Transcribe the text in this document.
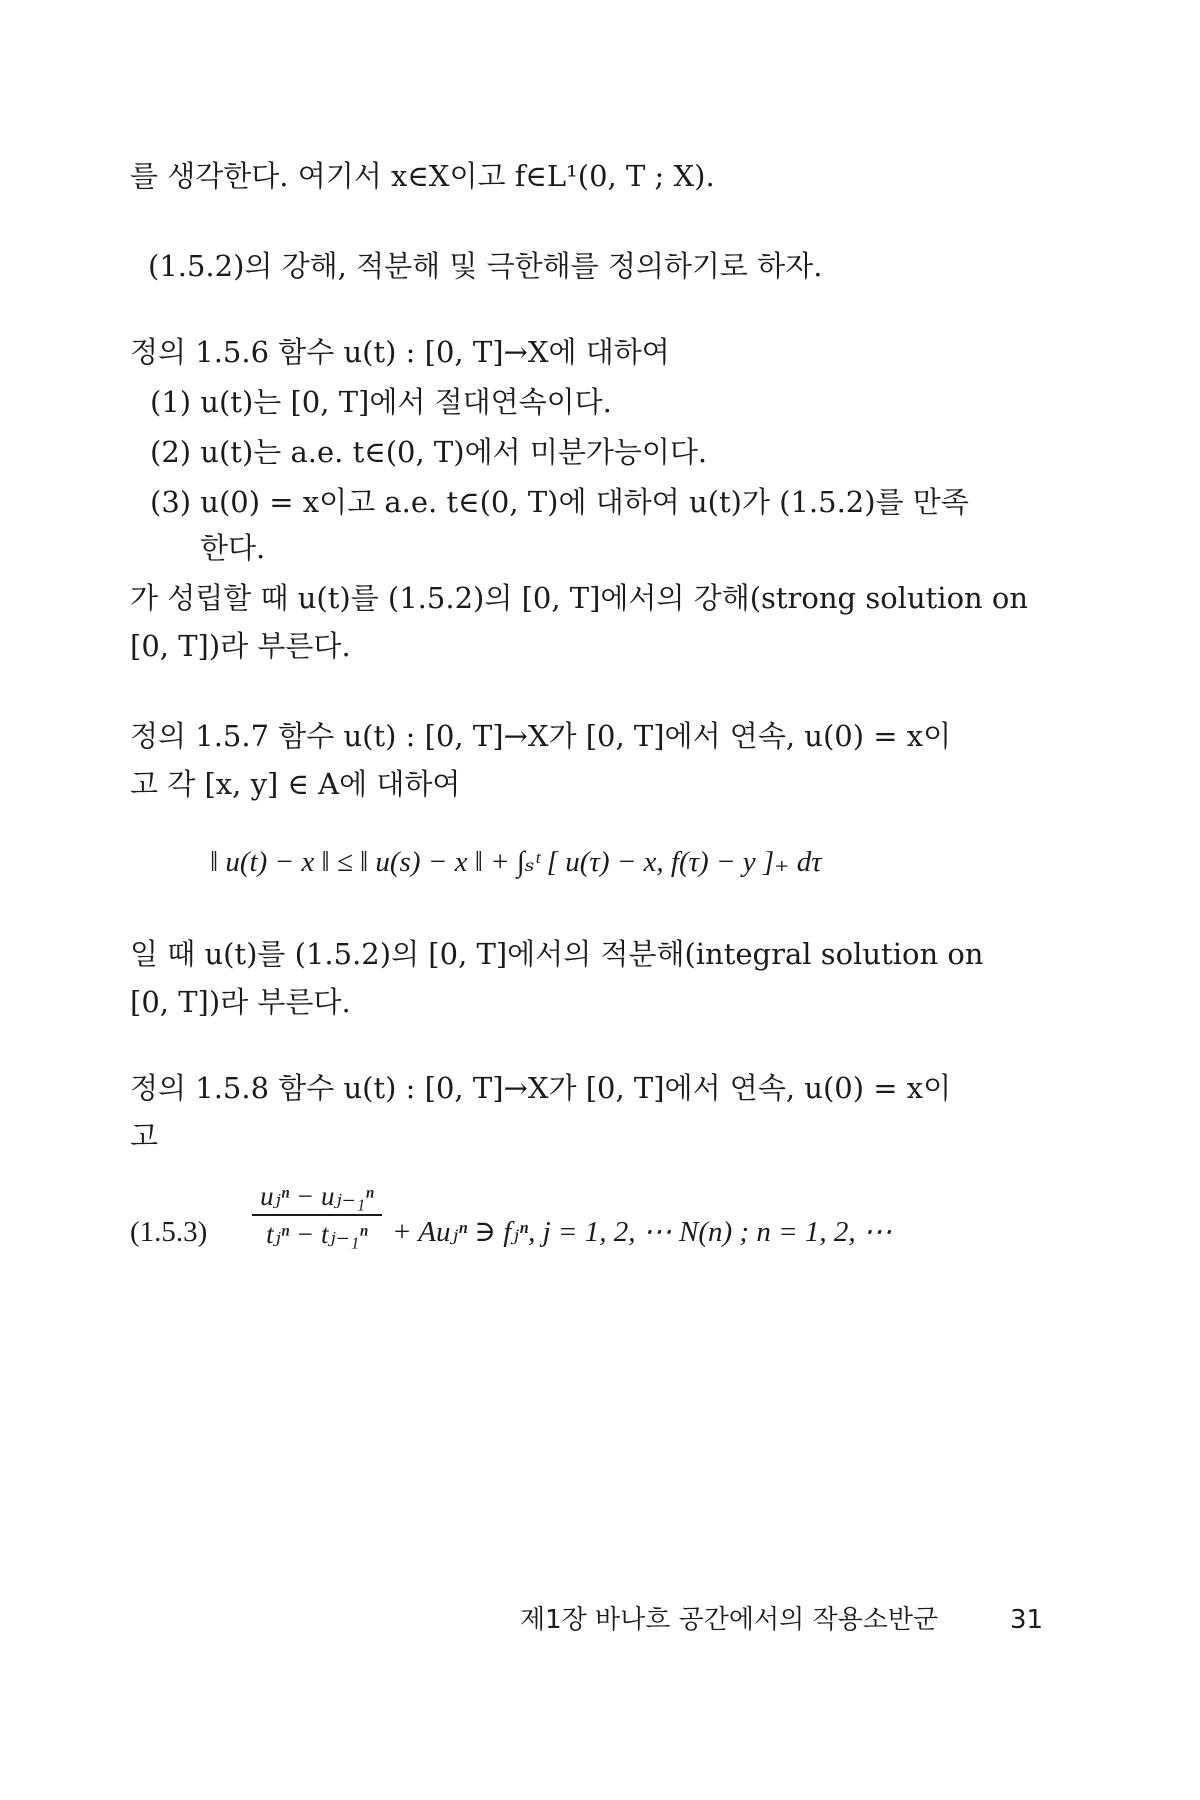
를 생각한다. 여기서 x∈X이고 f∈L¹(0, T ; X).
(1.5.2)의 강해, 적분해 및 극한해를 정의하기로 하자.
정의 1.5.6 함수 u(t) : [0, T]→X에 대하여
(1) u(t)는 [0, T]에서 절대연속이다.
(2) u(t)는 a.e. t∈(0, T)에서 미분가능이다.
(3) u(0) = x이고 a.e. t∈(0, T)에 대하여 u(t)가 (1.5.2)를 만족
한다.
가 성립할 때 u(t)를 (1.5.2)의 [0, T]에서의 강해(strong solution on
[0, T])라 부른다.
정의 1.5.7 함수 u(t) : [0, T]→X가 [0, T]에서 연속, u(0) = x이
고 각 [x, y] ∈ A에 대하여
‖ u(t) − x ‖ ≤ ‖ u(s) − x ‖ + ∫ₛᵗ [ u(τ) − x, f(τ) − y ]₊ dτ
일 때 u(t)를 (1.5.2)의 [0, T]에서의 적분해(integral solution on
[0, T])라 부른다.
정의 1.5.8 함수 u(t) : [0, T]→X가 [0, T]에서 연속, u(0) = x이
고
(1.5.3)
uⱼⁿ − uⱼ₋₁ⁿ
tⱼⁿ − tⱼ₋₁ⁿ + Auⱼⁿ ∋ fⱼⁿ, j = 1, 2, ⋯ N(n) ; n = 1, 2, ⋯
제1장 바나흐 공간에서의 작용소반군	31
